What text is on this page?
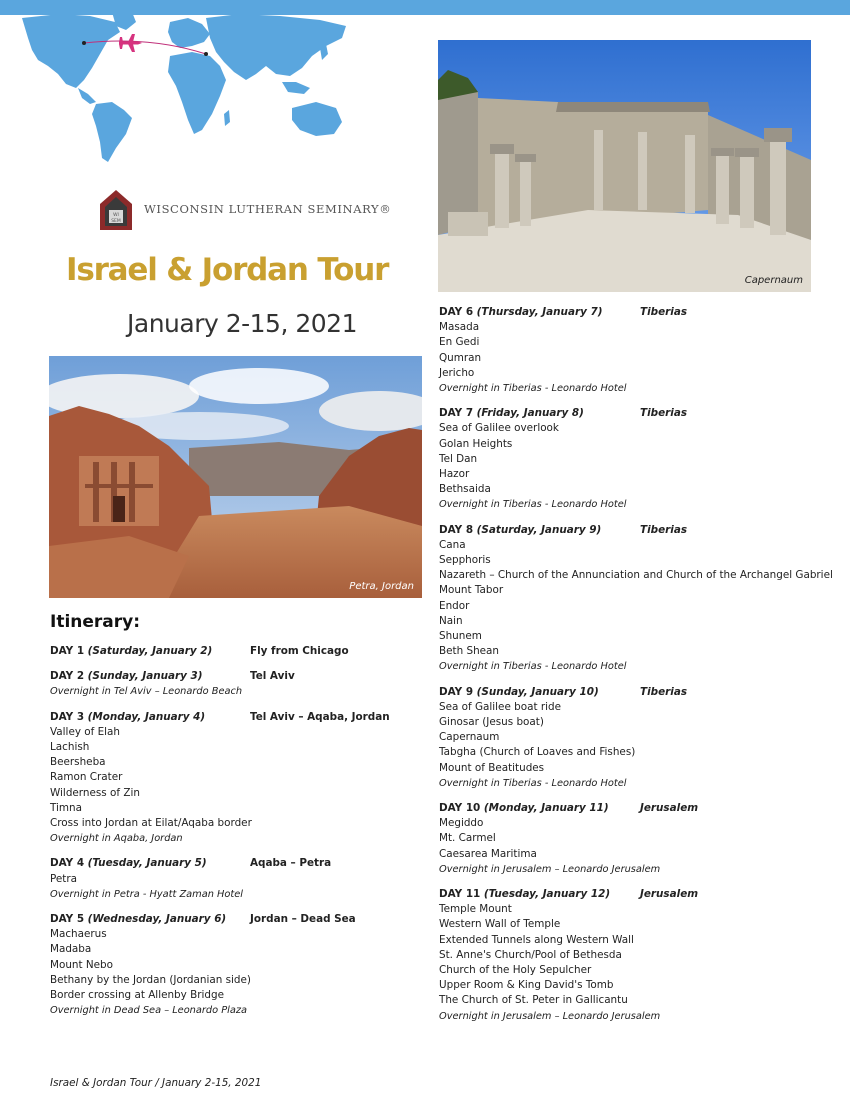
WI
SEM
WISCONSIN LUTHERAN SEMINARY®
Israel & Jordan Tour
January 2-15, 2021
Petra, Jordan
Capernaum
Itinerary:
DAY 1 (Saturday, January 2)	Fly from Chicago
DAY 2 (Sunday, January 3)	Tel Aviv
Overnight in Tel Aviv – Leonardo Beach
DAY 3 (Monday, January 4)	Tel Aviv – Aqaba, Jordan
Valley of Elah
Lachish
Beersheba
Ramon Crater
Wilderness of Zin
Timna
Cross into Jordan at Eilat/Aqaba border
Overnight in Aqaba, Jordan
DAY 4 (Tuesday, January 5)	Aqaba – Petra
Petra
Overnight in Petra - Hyatt Zaman Hotel
DAY 5 (Wednesday, January 6) Jordan – Dead Sea
Machaerus
Madaba
Mount Nebo
Bethany by the Jordan (Jordanian side)
Border crossing at Allenby Bridge
Overnight in Dead Sea – Leonardo Plaza
DAY 6 (Thursday, January 7)	Tiberias
Masada
En Gedi
Qumran
Jericho
Overnight in Tiberias - Leonardo Hotel
DAY 7 (Friday, January 8)	Tiberias
Sea of Galilee overlook
Golan Heights
Tel Dan
Hazor
Bethsaida
Overnight in Tiberias - Leonardo Hotel
DAY 8 (Saturday, January 9)	Tiberias
Cana
Sepphoris
Nazareth – Church of the Annunciation and Church of the Archangel Gabriel
Mount Tabor
Endor
Nain
Shunem
Beth Shean
Overnight in Tiberias - Leonardo Hotel
DAY 9 (Sunday, January 10)	Tiberias
Sea of Galilee boat ride
Ginosar (Jesus boat)
Capernaum
Tabgha (Church of Loaves and Fishes)
Mount of Beatitudes
Overnight in Tiberias - Leonardo Hotel
DAY 10 (Monday, January 11)	Jerusalem
Megiddo
Mt. Carmel
Caesarea Maritima
Overnight in Jerusalem – Leonardo Jerusalem
DAY 11 (Tuesday, January 12)	Jerusalem
Temple Mount
Western Wall of Temple
Extended Tunnels along Western Wall
St. Anne's Church/Pool of Bethesda
Church of the Holy Sepulcher
Upper Room & King David's Tomb
The Church of St. Peter in Gallicantu
Overnight in Jerusalem – Leonardo Jerusalem
Israel & Jordan Tour / January 2-15, 2021
